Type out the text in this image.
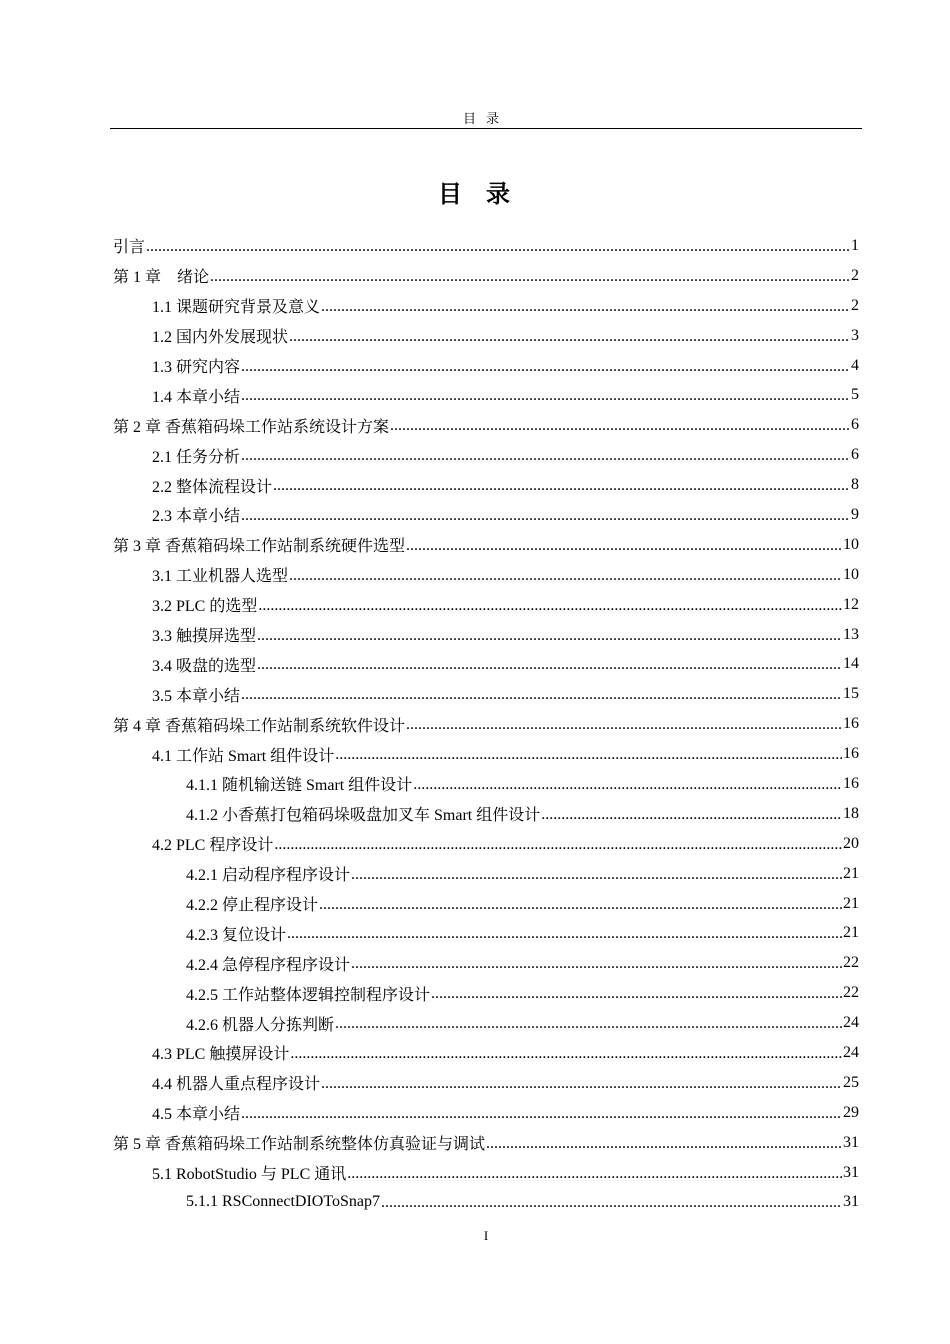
目录
目录
引言 .....	1
第 1 章　绪论 .....	2
1.1 课题研究背景及意义 .....	2
1.2 国内外发展现状 .....	3
1.3 研究内容 .....	4
1.4 本章小结 .....	5
第 2 章 香蕉箱码垛工作站系统设计方案 .....	6
2.1 任务分析 .....	6
2.2 整体流程设计 .....	8
2.3 本章小结 .....	9
第 3 章 香蕉箱码垛工作站制系统硬件选型 .....	10
3.1 工业机器人选型 .....	10
3.2 PLC 的选型 .....	12
3.3 触摸屏选型 .....	13
3.4 吸盘的选型 .....	14
3.5 本章小结 .....	15
第 4 章 香蕉箱码垛工作站制系统软件设计 .....	16
4.1 工作站 Smart 组件设计 .....	16
4.1.1 随机输送链 Smart 组件设计 .....	16
4.1.2 小香蕉打包箱码垛吸盘加叉车 Smart 组件设计 .....	18
4.2 PLC 程序设计 .....	20
4.2.1 启动程序程序设计 .....	21
4.2.2 停止程序设计 .....	21
4.2.3 复位设计 .....	21
4.2.4 急停程序程序设计 .....	22
4.2.5 工作站整体逻辑控制程序设计 .....	22
4.2.6 机器人分拣判断 .....	24
4.3 PLC 触摸屏设计 .....	24
4.4 机器人重点程序设计 .....	25
4.5 本章小结 .....	29
第 5 章 香蕉箱码垛工作站制系统整体仿真验证与调试 .....	31
5.1 RobotStudio 与 PLC 通讯 .....	31
5.1.1 RSConnectDIOToSnap7 .....	31
I
